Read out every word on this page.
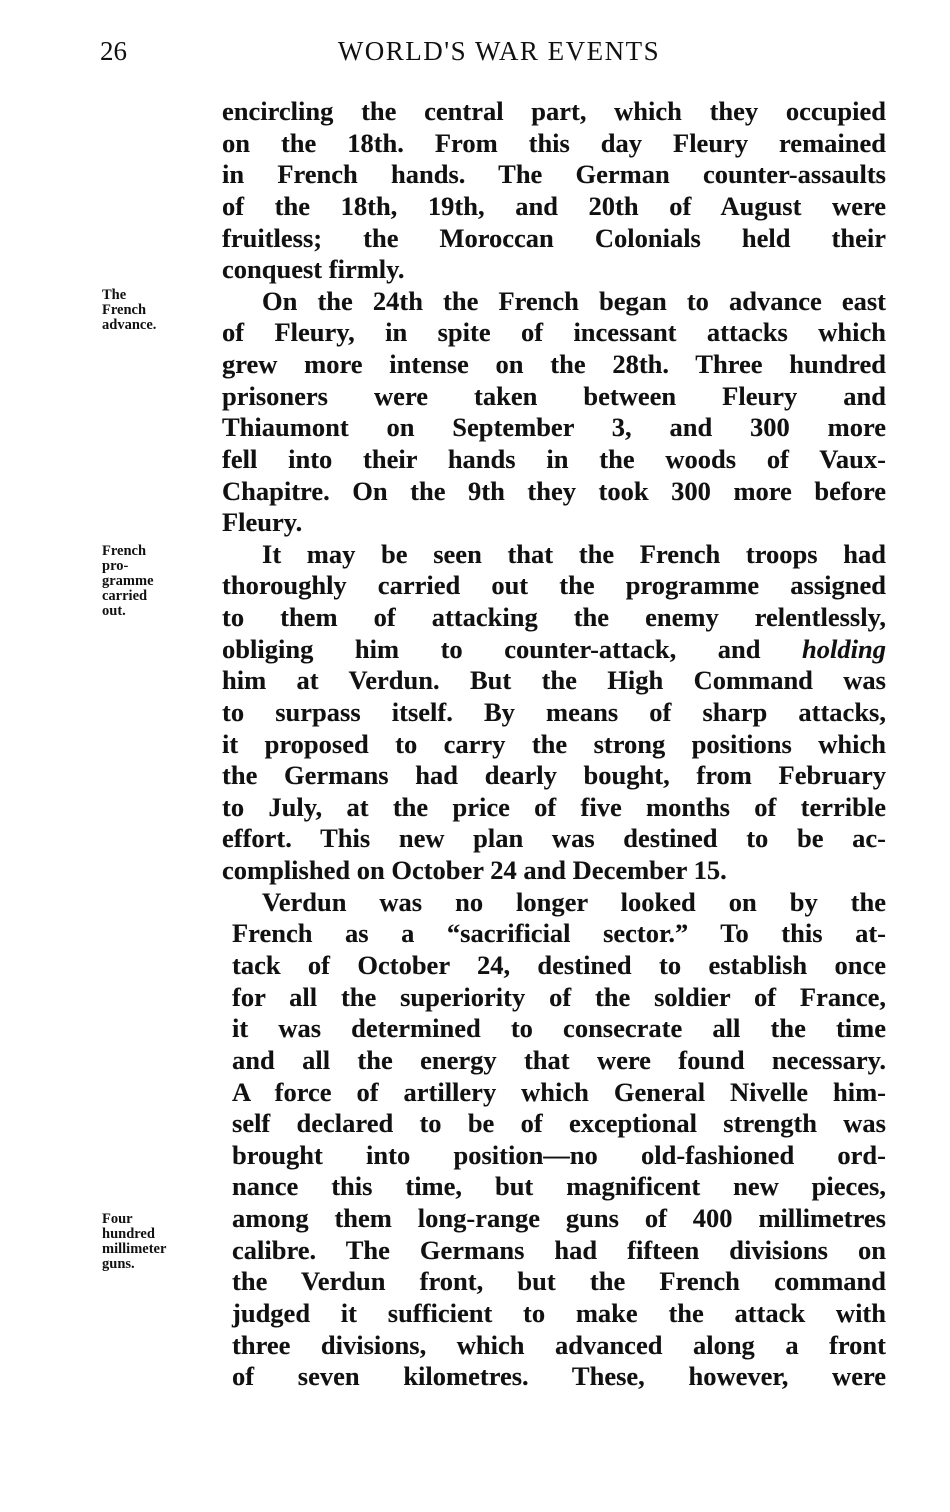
26	WORLD'S WAR EVENTS
encircling the central part, which they occupied
on the 18th. From this day Fleury remained
in French hands. The German counter-assaults
of the 18th, 19th, and 20th of August were
fruitless; the Moroccan Colonials held their
conquest firmly.
On the 24th the French began to advance east
of Fleury, in spite of incessant attacks which
grew more intense on the 28th. Three hundred
prisoners were taken between Fleury and
Thiaumont on September 3, and 300 more
fell into their hands in the woods of Vaux-
Chapitre. On the 9th they took 300 more before
Fleury.
It may be seen that the French troops had
thoroughly carried out the programme assigned
to them of attacking the enemy relentlessly,
obliging him to counter-attack, and holding
him at Verdun. But the High Command was
to surpass itself. By means of sharp attacks,
it proposed to carry the strong positions which
the Germans had dearly bought, from February
to July, at the price of five months of terrible
effort. This new plan was destined to be ac-
complished on October 24 and December 15.
Verdun was no longer looked on by the
French as a “sacrificial sector.” To this at-
tack of October 24, destined to establish once
for all the superiority of the soldier of France,
it was determined to consecrate all the time
and all the energy that were found necessary.
A force of artillery which General Nivelle him-
self declared to be of exceptional strength was
brought into position—no old-fashioned ord-
nance this time, but magnificent new pieces,
among them long-range guns of 400 millimetres
calibre. The Germans had fifteen divisions on
the Verdun front, but the French command
judged it sufficient to make the attack with
three divisions, which advanced along a front
of seven kilometres. These, however, were
The
French
advance.
French
pro-
gramme
carried
out.
Four
hundred
millimeter
guns.
